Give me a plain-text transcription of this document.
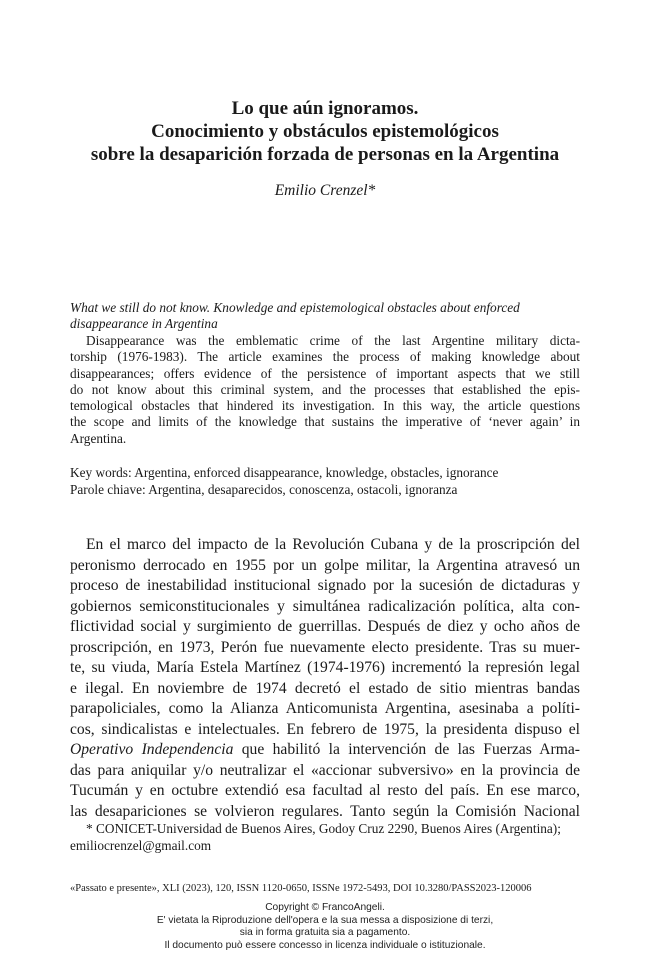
Lo que aún ignoramos.
Conocimiento y obstáculos epistemológicos
sobre la desaparición forzada de personas en la Argentina
Emilio Crenzel*
What we still do not know. Knowledge and epistemological obstacles about enforced
disappearance in Argentina
Disappearance was the emblematic crime of the last Argentine military dicta-
torship (1976-1983). The article examines the process of making knowledge about
disappearances; offers evidence of the persistence of important aspects that we still
do not know about this criminal system, and the processes that established the epis-
temological obstacles that hindered its investigation. In this way, the article questions
the scope and limits of the knowledge that sustains the imperative of ‘never again’ in
Argentina.
Key words: Argentina, enforced disappearance, knowledge, obstacles, ignorance
Parole chiave: Argentina, desaparecidos, conoscenza, ostacoli, ignoranza
En el marco del impacto de la Revolución Cubana y de la proscripción del
peronismo derrocado en 1955 por un golpe militar, la Argentina atravesó un
proceso de inestabilidad institucional signado por la sucesión de dictaduras y
gobiernos semiconstitucionales y simultánea radicalización política, alta con-
flictividad social y surgimiento de guerrillas. Después de diez y ocho años de
proscripción, en 1973, Perón fue nuevamente electo presidente. Tras su muer-
te, su viuda, María Estela Martínez (1974-1976) incrementó la represión legal
e ilegal. En noviembre de 1974 decretó el estado de sitio mientras bandas
parapoliciales, como la Alianza Anticomunista Argentina, asesinaba a políti-
cos, sindicalistas e intelectuales. En febrero de 1975, la presidenta dispuso el
Operativo Independencia que habilitó la intervención de las Fuerzas Arma-
das para aniquilar y/o neutralizar el «accionar subversivo» en la provincia de
Tucumán y en octubre extendió esa facultad al resto del país. En ese marco,
las desapariciones se volvieron regulares. Tanto según la Comisión Nacional
* CONICET-Universidad de Buenos Aires, Godoy Cruz 2290, Buenos Aires (Argentina);
emiliocrenzel@gmail.com
«Passato e presente», XLI (2023), 120, ISSN 1120-0650, ISSNe 1972-5493, DOI 10.3280/PASS2023-120006
Copyright © FrancoAngeli.
E' vietata la Riproduzione dell'opera e la sua messa a disposizione di terzi,
sia in forma gratuita sia a pagamento.
Il documento può essere concesso in licenza individuale o istituzionale.
